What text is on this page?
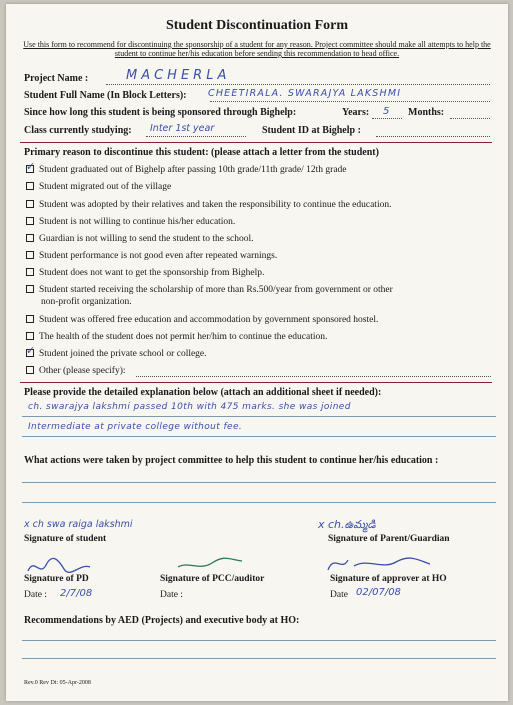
Student Discontinuation Form
Use this form to recommend for discontinuing the sponsorship of a student for any reason. Project committee should make all attempts to help the student to continue her/his education before sending this recommendation to head office.
Project Name :	MACHERLA
Student Full Name (In Block Letters): CHEETIRALA. SWARAJYA LAKSHMI
Since how long this student is being sponsored through Bighelp:	Years: 5 Months:
Class currently studying: Inter 1st year	Student ID at Bighelp :
Primary reason to discontinue this student: (please attach a letter from the student)
✓Student graduated out of Bighelp after passing 10th grade/11th grade/ 12th grade
Student migrated out of the village
Student was adopted by their relatives and taken the responsibility to continue the education.
Student is not willing to continue his/her education.
Guardian is not willing to send the student to the school.
Student performance is not good even after repeated warnings.
Student does not want to get the sponsorship from Bighelp.
Student started receiving the scholarship of more than Rs.500/year from government or other
non-profit organization.
Student was offered free education and accommodation by government sponsored hostel.
The health of the student does not permit her/him to continue the education.
✓Student joined the private school or college.
Other (please specify):
Please provide the detailed explanation below (attach an additional sheet if needed):
ch. swarajya lakshmi passed 10th with 475 marks. she was joined
Intermediate at private college without fee.
What actions were taken by project committee to help this student to continue her/his education :
x ch swa raiga lakshmi
Signature of student
x ch.ఉమ్మడి
Signature of Parent/Guardian
Signature of PD
Date : 2/7/08
Signature of PCC/auditor
Date :
Signature of approver at HO
Date 02/07/08
Recommendations by AED (Projects) and executive body at HO:
Rev.0 Rev Dt: 05-Apr-2008
